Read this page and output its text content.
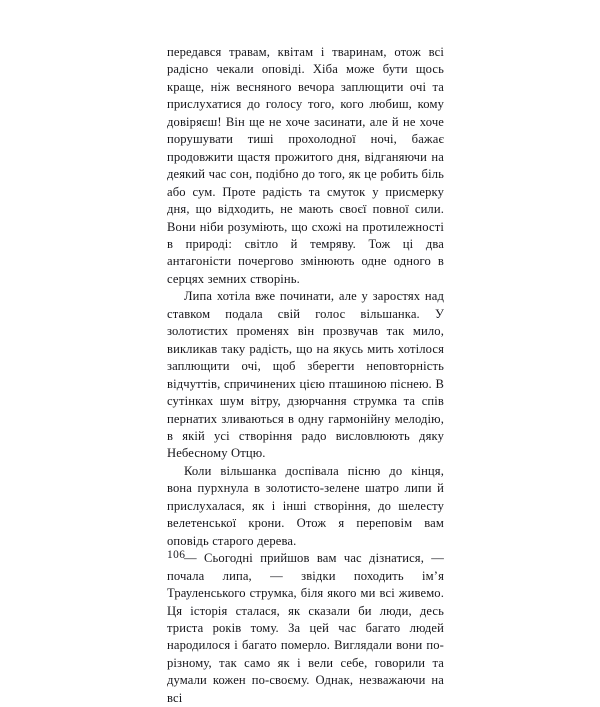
передався травам, квітам і тваринам, отож всі радісно чекали оповіді. Хіба може бути щось краще, ніж весняного вечора заплющити очі та прислухатися до голосу того, кого любиш, кому довіряєш! Він ще не хоче засинати, але й не хоче порушувати тиші прохолодної ночі, бажає продовжити щастя прожитого дня, відганяючи на деякий час сон, подібно до того, як це робить біль або сум. Проте радість та смуток у присмерку дня, що відходить, не мають своєї повної сили. Вони ніби розуміють, що схожі на протилежності в природі: світло й темряву. Тож ці два антагоністи почергово змінюють одне одного в серцях земних створінь.

Липа хотіла вже починати, але у заростях над ставком подала свій голос вільшанка. У золотистих променях він прозвучав так мило, викликав таку радість, що на якусь мить хотілося заплющити очі, щоб зберегти неповторність відчуттів, спричинених цією пташиною піснею. В сутінках шум вітру, дзюрчання струмка та спів пернатих зливаються в одну гармонійну мелодію, в якій усі створіння радо висловлюють дяку Небесному Отцю.

Коли вільшанка доспівала пісню до кінця, вона пурхнула в золотисто-зелене шатро липи й прислухалася, як і інші створіння, до шелесту велетенської крони. Отож я перепoвім вам оповідь старого дерева.

— Сьогодні прийшов вам час дізнатися, — почала липа, — звідки походить ім’я Трауленського струмка, біля якого ми всі живемо. Ця історія сталася, як сказали би люди, десь триста років тому. За цей час багато людей народилося і багато померло. Виглядали вони по-різному, так само як і вели себе, говорили та думали кожен по-своєму. Однак, незважаючи на всі

106
